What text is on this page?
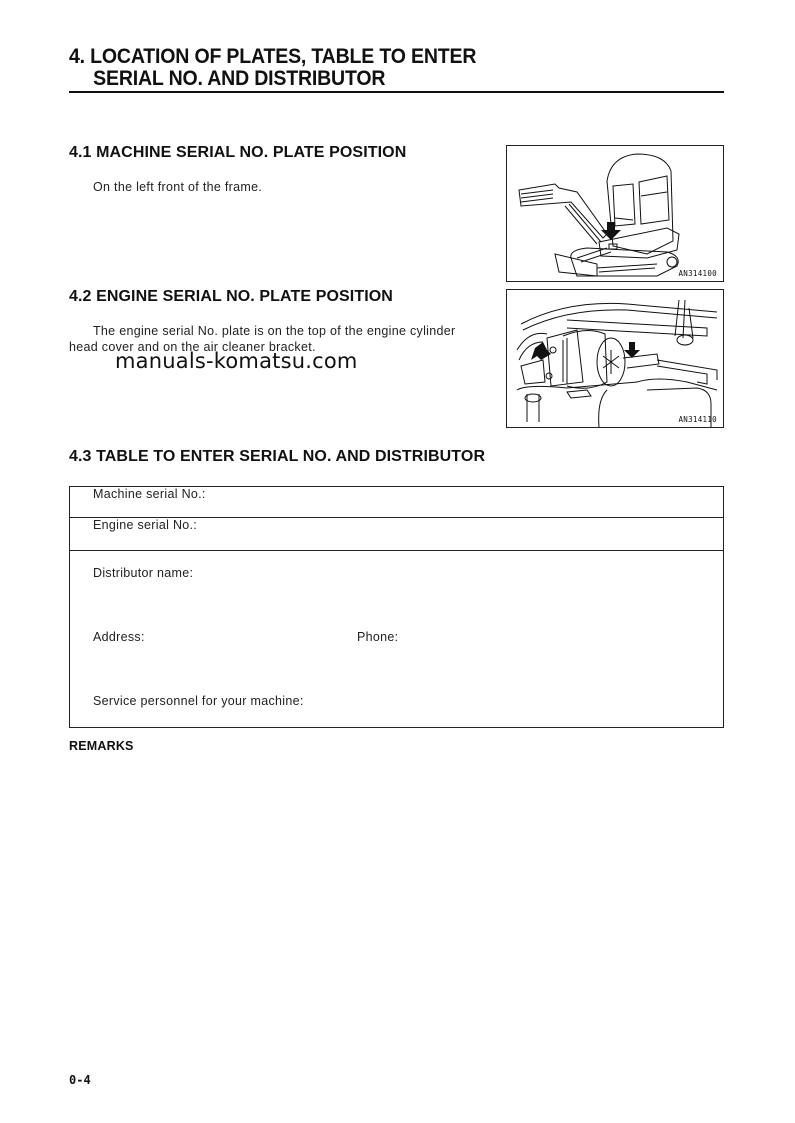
4. LOCATION OF PLATES, TABLE TO ENTER
SERIAL NO. AND DISTRIBUTOR
4.1 MACHINE SERIAL NO. PLATE POSITION
On the left front of the frame.
AN314100
4.2 ENGINE SERIAL NO. PLATE POSITION
The engine serial No. plate is on the top of the engine cylinder
head cover and on the air cleaner bracket.
manuals-komatsu.com
AN314110
4.3 TABLE TO ENTER SERIAL NO. AND DISTRIBUTOR
Machine serial No.:
Engine serial No.:

Distributor name:
Address:	Phone:
Service personnel for your machine:
REMARKS
0-4
